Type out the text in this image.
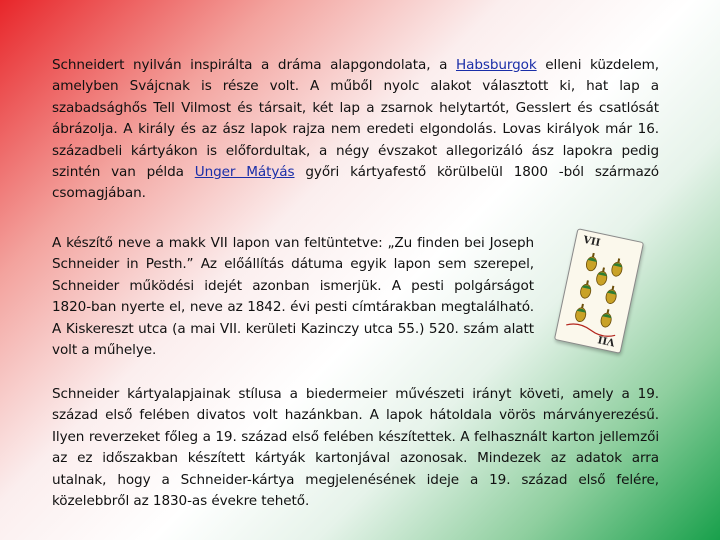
Schneidert nyilván inspirálta a dráma alapgondolata, a Habsburgok elleni küzdelem, amelyben Svájcnak is része volt. A műből nyolc alakot választott ki, hat lap a szabadsághős Tell Vilmost és társait, két lap a zsarnok helytartót, Gesslert és csatlósát ábrázolja. A király és az ász lapok rajza nem eredeti elgondolás. Lovas királyok már 16. századbeli kártyákon is előfordultak, a négy évszakot allegorizáló ász lapokra pedig szintén van példa Unger Mátyás győri kártyafestő körülbelül 1800 -ból származó csomagjában.

A készítő neve a makk VII lapon van feltüntetve: „Zu finden bei Joseph Schneider in Pesth.” Az előállítás dátuma egyik lapon sem szerepel, Schneider működési idejét azonban ismerjük. A pesti polgárságot 1820-ban nyerte el, neve az 1842. évi pesti címtárakban megtalálható. A Kiskereszt utca (a mai VII. kerületi Kazinczy utca 55.) 520. szám alatt volt a műhelye.

VII
VII

Schneider kártyalapjainak stílusa a biedermeier művészeti irányt követi, amely a 19. század első felében divatos volt hazánkban. A lapok hátoldala vörös márványerezésű. Ilyen reverzeket főleg a 19. század első felében készítettek. A felhasznált karton jellemzői az ez időszakban készített kártyák kartonjával azonosak. Mindezek az adatok arra utalnak, hogy a Schneider-kártya megjelenésének ideje a 19. század első felére, közelebbről az 1830-as évekre tehető.
